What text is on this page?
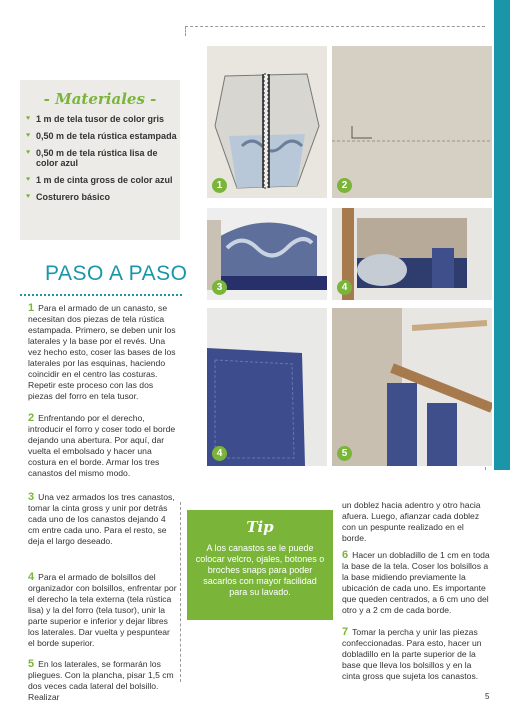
- Materiales -
♥ 1 m de tela tusor de color gris
♥ 0,50 m de tela rústica estampada
♥ 0,50 m de tela rústica lisa de color azul
♥ 1 m de cinta gross de color azul
♥ Costurero básico
PASO A PASO
1 Para el armado de un canasto, se necesitan dos piezas de tela rústica estampada. Primero, se deben unir los laterales y la base por el revés. Una vez hecho esto, coser las bases de los laterales por las esquinas, haciendo coincidir en el centro las costuras. Repetir este proceso con las dos piezas del forro en tela tusor.
2 Enfrentando por el derecho, introducir el forro y coser todo el borde dejando una abertura. Por aquí, dar vuelta el embolsado y hacer una costura en el borde. Armar los tres canastos del mismo modo.
3 Una vez armados los tres canastos, tomar la cinta gross y unir por detrás cada uno de los canastos dejando 4 cm entre cada uno. Para el resto, se deja el largo deseado.
4 Para el armado de bolsillos del organizador con bolsillos, enfrentar por el derecho la tela externa (tela rústica lisa) y la del forro (tela tusor), unir la parte superior e inferior y dejar libres los laterales. Dar vuelta y pespuntear el borde superior.
5 En los laterales, se formarán los pliegues. Con la plancha, pisar 1,5 cm dos veces cada lateral del bolsillo. Realizar
1	2
3	4
4	5
Tip
A los canastos se le puede colocar velcro, ojales, botones o broches snaps para poder sacarlos con mayor facilidad para su lavado.
un doblez hacia adentro y otro hacia afuera. Luego, afianzar cada doblez con un pespunte realizado en el borde.
6 Hacer un dobladillo de 1 cm en toda la base de la tela. Coser los bolsillos a la base midiendo previamente la ubicación de cada uno. Es importante que queden centrados, a 6 cm uno del otro y a 2 cm de cada borde.
7 Tomar la percha y unir las piezas confeccionadas. Para esto, hacer un dobladillo en la parte superior de la base que lleva los bolsillos y en la cinta gross que sujeta los canastos.
5
